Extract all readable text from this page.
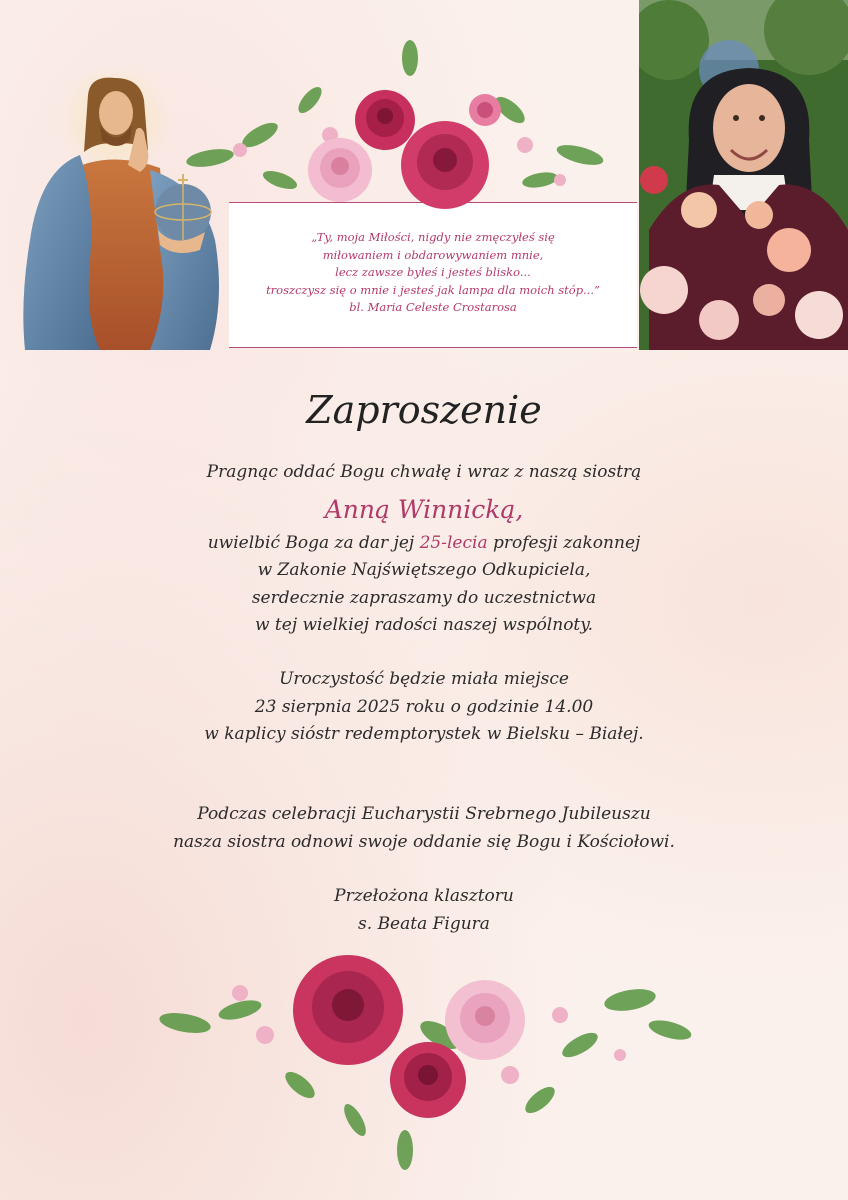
„Ty, moja Miłości, nigdy nie zmęczyłeś się
miłowaniem i obdarowywaniem mnie,
lecz zawsze byłeś i jesteś blisko...
troszczysz się o mnie i jesteś jak lampa dla moich stóp...”
bl. Maria Celeste Crostarosa
Zaproszenie
Pragnąc oddać Bogu chwałę i wraz z naszą siostrą
Anną Winnicką,
uwielbić Boga za dar jej 25-lecia profesji zakonnej
w Zakonie Najświętszego Odkupiciela,
serdecznie zapraszamy do uczestnictwa
w tej wielkiej radości naszej wspólnoty.
Uroczystość będzie miała miejsce
23 sierpnia 2025 roku o godzinie 14.00
w kaplicy sióstr redemptorystek w Bielsku – Białej.
Podczas celebracji Eucharystii Srebrnego Jubileuszu
nasza siostra odnowi swoje oddanie się Bogu i Kościołowi.
Przełożona klasztoru
s. Beata Figura
